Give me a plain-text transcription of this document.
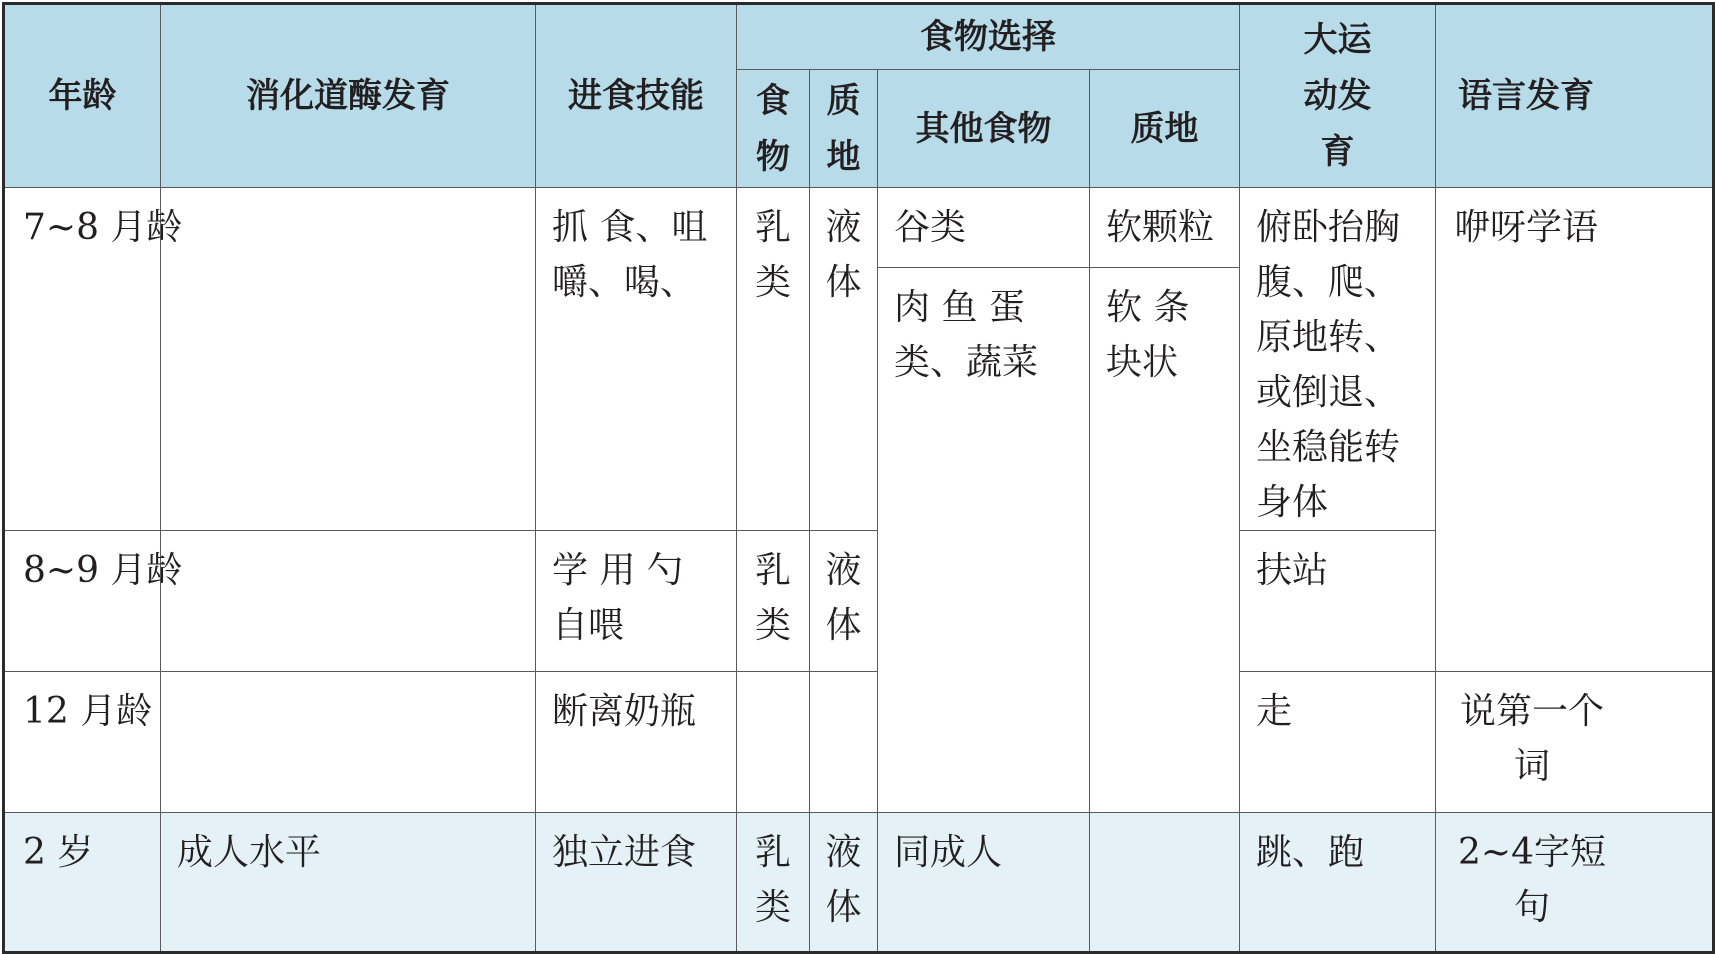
年龄	消化道酶发育	进食技能	食物选择				大运动发育	语言发育
			食物	质地	其他食物	质地		
7~8 月龄		抓 食、咀嚼、喝、	乳类	液体	谷类	软颗粒	俯卧抬胸腹、爬、原地转、或倒退、坐稳能转身体	咿呀学语
					肉 鱼 蛋 类、蔬菜	软 条 块状		
8~9 月龄		学 用 勺 自喂	乳类	液体			扶站	
12 月龄		断离奶瓶					走	说第一个词
2 岁	成人水平	独立进食	乳类	液体	同成人		跳、跑	2~4字短句
